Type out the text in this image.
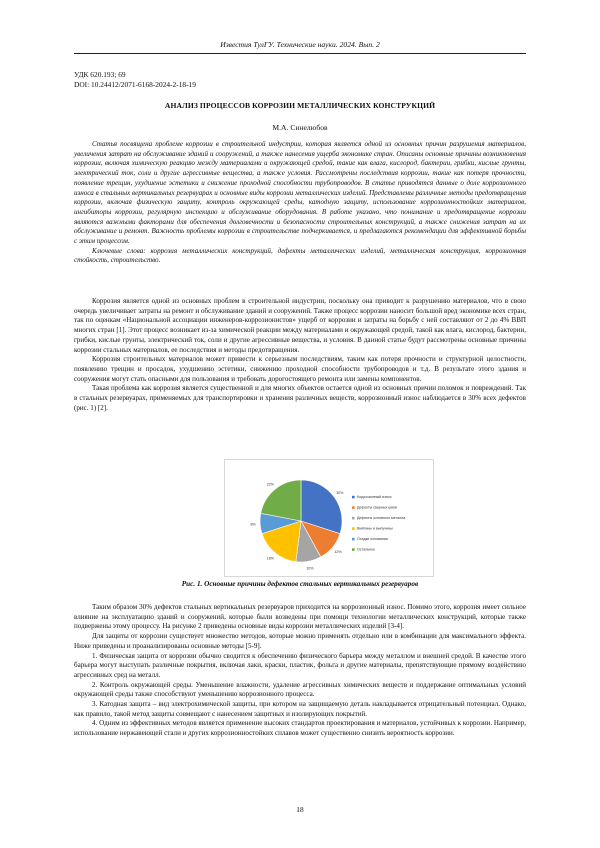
Известия ТулГУ. Технические науки. 2024. Вып. 2
УДК 620.193; 69
DOI: 10.24412/2071-6168-2024-2-18-19
АНАЛИЗ ПРОЦЕССОВ КОРРОЗИИ МЕТАЛЛИЧЕСКИХ КОНСТРУКЦИЙ
М.А. Синелюбов

Статья посвящена проблеме коррозии в строительной индустрии, которая является одной из основных причин разрушения материалов, увеличения затрат на обслуживание зданий и сооружений, а также нанесения ущерба экономике стран. Описаны основные причины возникновения коррозии, включая химическую реакцию между материалами и окружающей средой, такие как влага, кислород, бактерии, грибки, кислые грунты, электрический ток, соли и другие агрессивные вещества, а также условия. Рассмотрены последствия коррозии, такие как потеря прочности, появление трещин, ухудшение эстетики и снижение проходной способности трубопроводов. В статье приводятся данные о доле коррозионного износа в стальных вертикальных резервуарах и основные виды коррозии металлических изделий. Представлены различные методы предотвращения коррозии, включая физическую защиту, контроль окружающей среды, катодную защиту, использование коррозионностойких материалов, ингибиторы коррозии, регулярную инспекцию и обслуживание оборудования. В работе указано, что понимание и предотвращение коррозии являются важными факторами для обеспечения долговечности и безопасности строительных конструкций, а также снижения затрат на их обслуживание и ремонт. Важность проблемы коррозии в строительстве подчеркивается, и предлагаются рекомендации для эффективной борьбы с этим процессом.

Ключевые слова: коррозия металлических конструкций, дефекты металлических изделий, металлическая конструкция, коррозионная стойкость, строительство.

Коррозия является одной из основных проблем в строительной индустрии, поскольку она приводит к разрушению материалов, что в свою очередь увеличивает затраты на ремонт и обслуживание зданий и сооружений. Также процесс коррозии наносит большой вред экономике всех стран, так по оценкам «Национальной ассоциации инженеров-коррозионистов» ущерб от коррозии и затраты на борьбу с ней составляют от 2 до 4% ВВП многих стран [1]. Этот процесс возникает из-за химической реакции между материалами и окружающей средой, такой как влага, кислород, бактерии, грибки, кислые грунты, электрический ток, соли и другие агрессивные вещества, и условия. В данной статье будут рассмотрены основные причины коррозии стальных материалов, ее последствия и методы предотвращения.

Коррозия строительных материалов может привести к серьезным последствиям, таким как потеря прочности и структурной целостности, появлению трещин и просадок, ухудшению эстетики, снижению проходной способности трубопроводов и т.д. В результате этого здания и сооружения могут стать опасными для пользования и требовать дорогостоящего ремонта или замены компонентов.

Такая проблема как коррозия является существенной и для многих объектов остается одной из основных причин поломок и повреждений. Так в стальных резервуарах, применяемых для транспортировки и хранения различных веществ, коррозионный износ наблюдается в 30% всех дефектов (рис. 1) [2].

30%
12%
10%
18%
8%
22%
Коррозионный износ
Дефекты сварных швов
Дефекты основного металла
Вмятины и выпучины
Осадки основания
Остальное
Рис. 1. Основные причины дефектов стальных вертикальных резервуаров

Таким образом 30% дефектов стальных вертикальных резервуаров приходится на коррозионный износ. Помимо этого, коррозия имеет сильное влияние на эксплуатацию зданий и сооружений, которые были возведены при помощи технологии металлических конструкций, которые также подвержены этому процессу. На рисунке 2 приведены основные виды коррозии металлических изделий [3-4].

Для защиты от коррозии существует множество методов, которые можно применять отдельно или в комбинации для максимального эффекта. Ниже приведены и проанализированы основные методы [5-9].

1. Физическая защита от коррозии обычно сводится к обеспечению физического барьера между металлом и внешней средой. В качестве этого барьера могут выступать различные покрытия, включая лаки, краски, пластик, фольга и другие материалы, препятствующие прямому воздействию агрессивных сред на металл.

2. Контроль окружающей среды. Уменьшение влажности, удаление агрессивных химических веществ и поддержание оптимальных условий окружающей среды также способствуют уменьшению коррозионного процесса.

3. Катодная защита – вид электрохимической защиты, при котором на защищаемую деталь накладывается отрицательный потенциал. Однако, как правило, такой метод защиты совмещают с нанесением защитных и изолирующих покрытий.

4. Одним из эффективных методов является применение высоких стандартов проектирования и материалов, устойчивых к коррозии. Например, использование нержавеющей стали и других коррозионностойких сплавов может существенно снизить вероятность коррозии.

18
